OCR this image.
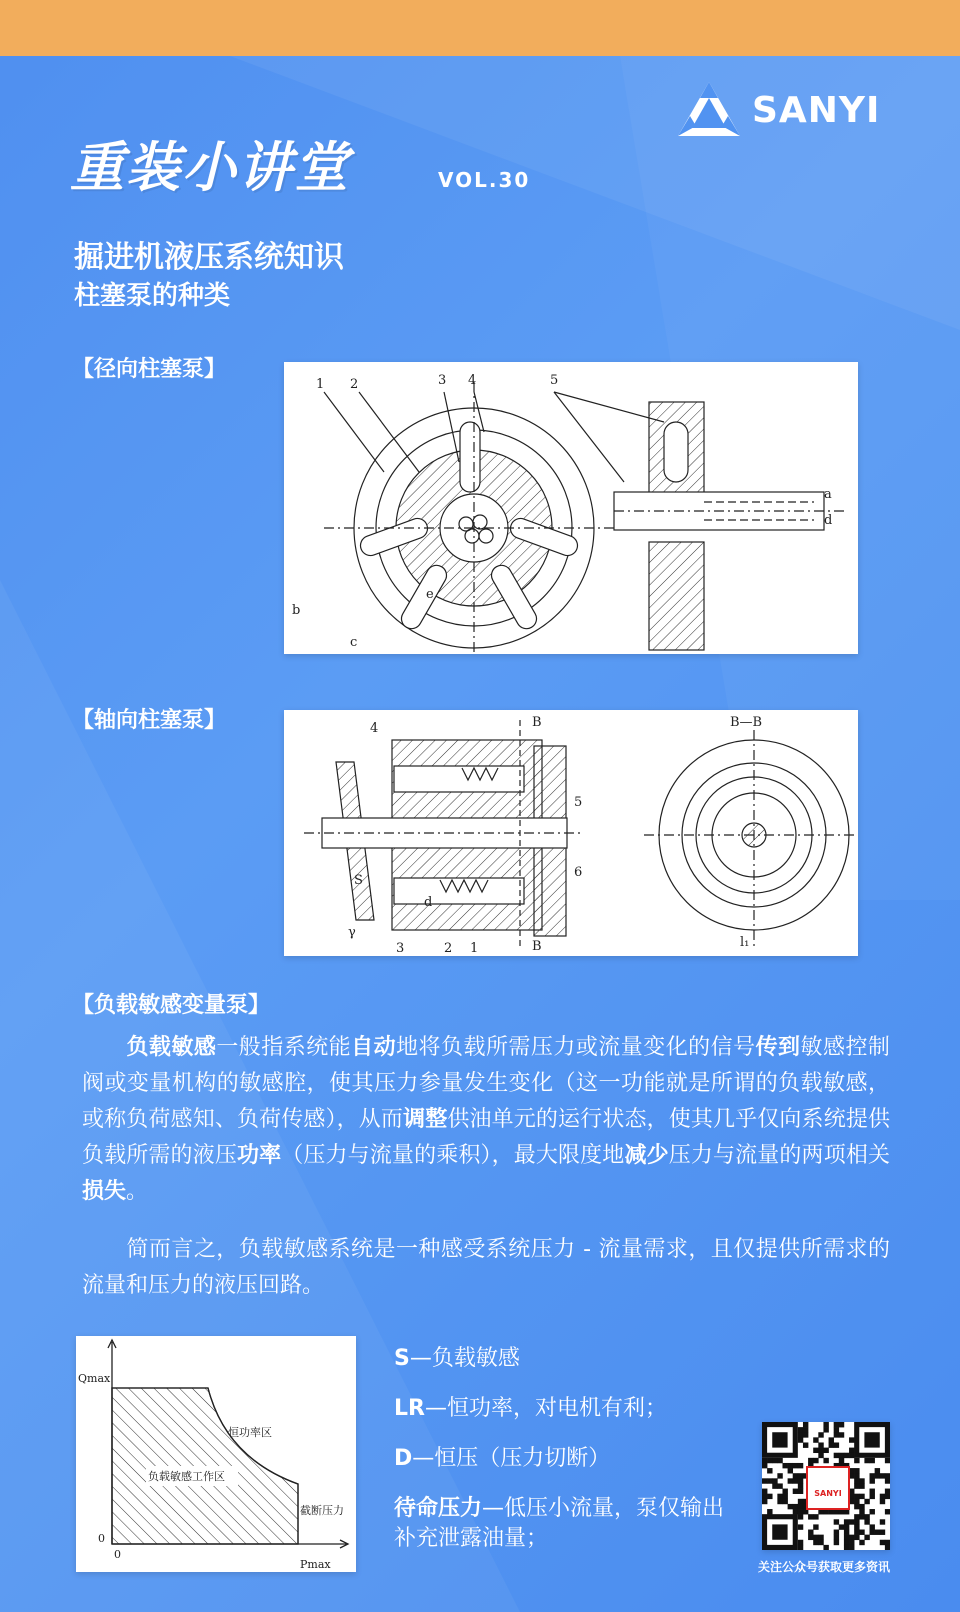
SANYI
重装小讲堂	VOL.30
掘进机液压系统知识
柱塞泵的种类
【径向柱塞泵】
1 2	3 4	5
a
d
b
c
e
【轴向柱塞泵】	4	B
5
6
S
d
γ
3	2 1	B
B—B
l₁
【负载敏感变量泵】
负载敏感一般指系统能自动地将负载所需压力或流量变化的信号传到敏感控制阀或变量机构的敏感腔，使其压力参量发生变化（这一功能就是所谓的负载敏感，或称负荷感知、负荷传感），从而调整供油单元的运行状态，使其几乎仅向系统提供负载所需的液压功率（压力与流量的乘积），最大限度地减少压力与流量的两项相关损失。
简而言之，负载敏感系统是一种感受系统压力 - 流量需求，且仅提供所需求的流量和压力的液压回路。
Qmax
0
0
Pmax
恒功率区
负载敏感工作区
截断压力
S—负载敏感
LR—恒功率，对电机有利；
D—恒压（压力切断）
待命压力—低压小流量，泵仅输出补充泄露油量；
SANYI
关注公众号获取更多资讯
